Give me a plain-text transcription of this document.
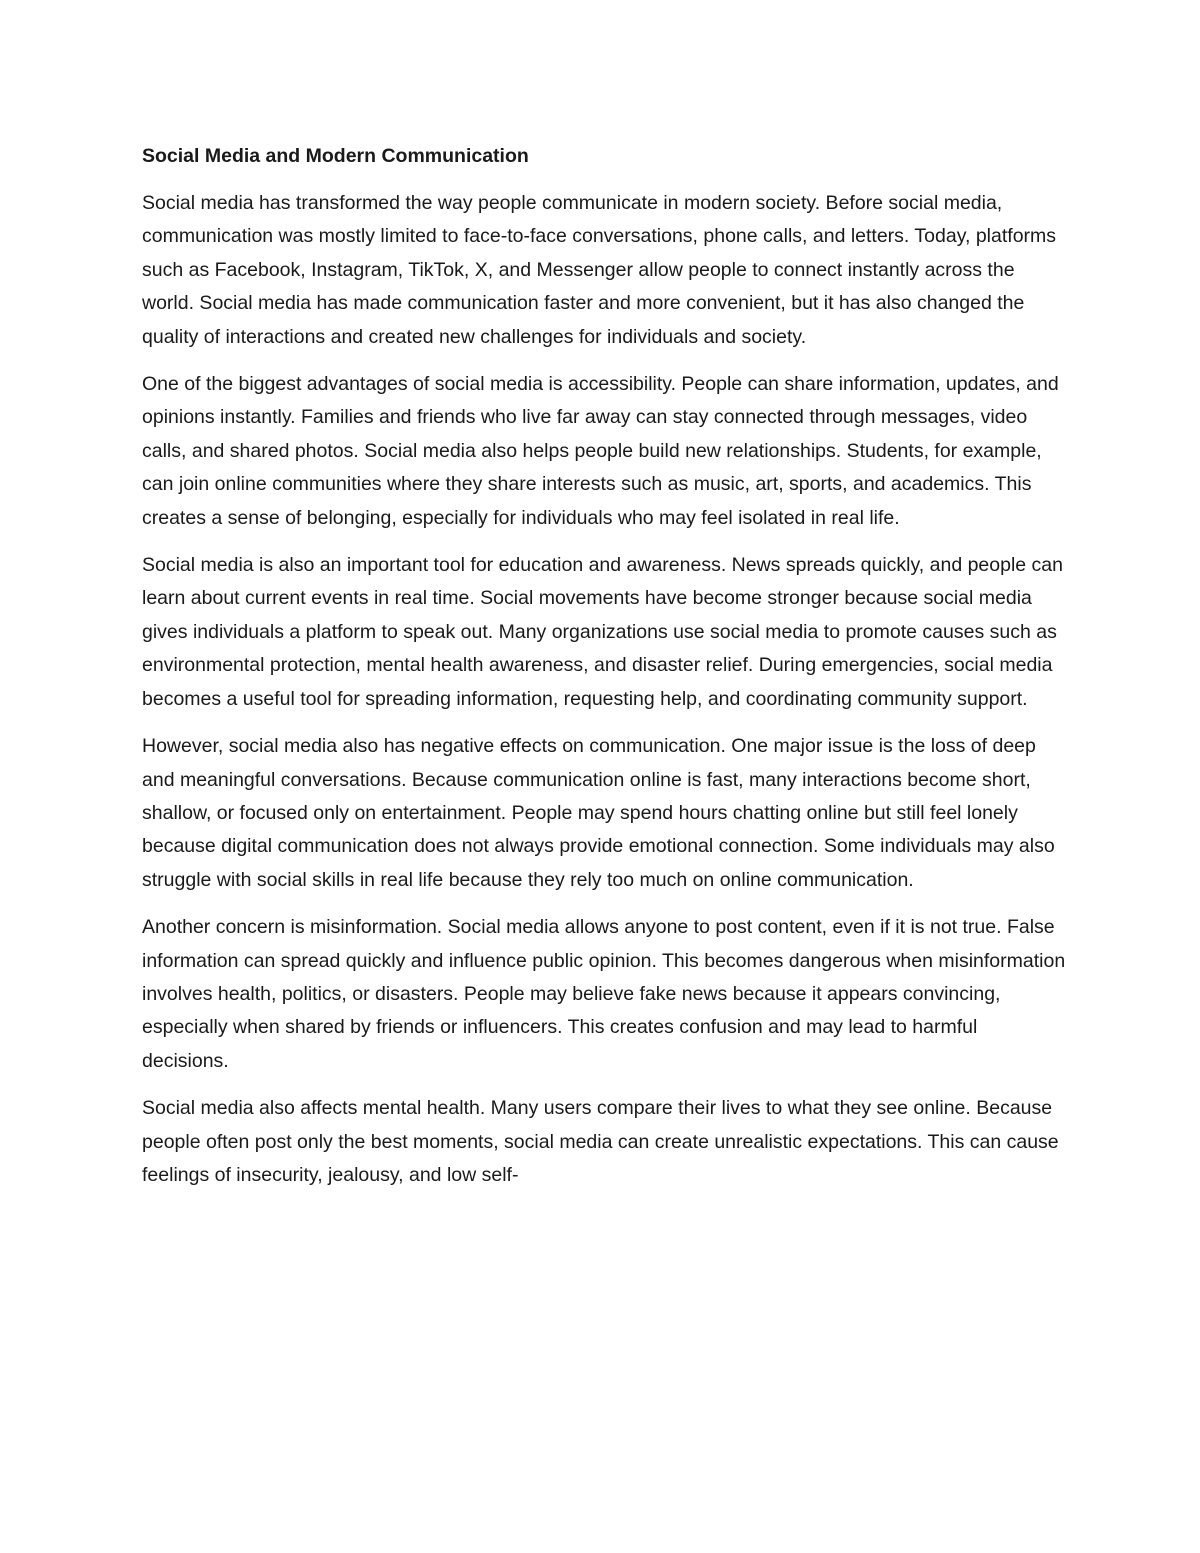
Social Media and Modern Communication

Social media has transformed the way people communicate in modern society. Before social media, communication was mostly limited to face-to-face conversations, phone calls, and letters. Today, platforms such as Facebook, Instagram, TikTok, X, and Messenger allow people to connect instantly across the world. Social media has made communication faster and more convenient, but it has also changed the quality of interactions and created new challenges for individuals and society.

One of the biggest advantages of social media is accessibility. People can share information, updates, and opinions instantly. Families and friends who live far away can stay connected through messages, video calls, and shared photos. Social media also helps people build new relationships. Students, for example, can join online communities where they share interests such as music, art, sports, and academics. This creates a sense of belonging, especially for individuals who may feel isolated in real life.

Social media is also an important tool for education and awareness. News spreads quickly, and people can learn about current events in real time. Social movements have become stronger because social media gives individuals a platform to speak out. Many organizations use social media to promote causes such as environmental protection, mental health awareness, and disaster relief. During emergencies, social media becomes a useful tool for spreading information, requesting help, and coordinating community support.

However, social media also has negative effects on communication. One major issue is the loss of deep and meaningful conversations. Because communication online is fast, many interactions become short, shallow, or focused only on entertainment. People may spend hours chatting online but still feel lonely because digital communication does not always provide emotional connection. Some individuals may also struggle with social skills in real life because they rely too much on online communication.

Another concern is misinformation. Social media allows anyone to post content, even if it is not true. False information can spread quickly and influence public opinion. This becomes dangerous when misinformation involves health, politics, or disasters. People may believe fake news because it appears convincing, especially when shared by friends or influencers. This creates confusion and may lead to harmful decisions.

Social media also affects mental health. Many users compare their lives to what they see online. Because people often post only the best moments, social media can create unrealistic expectations. This can cause feelings of insecurity, jealousy, and low self-
